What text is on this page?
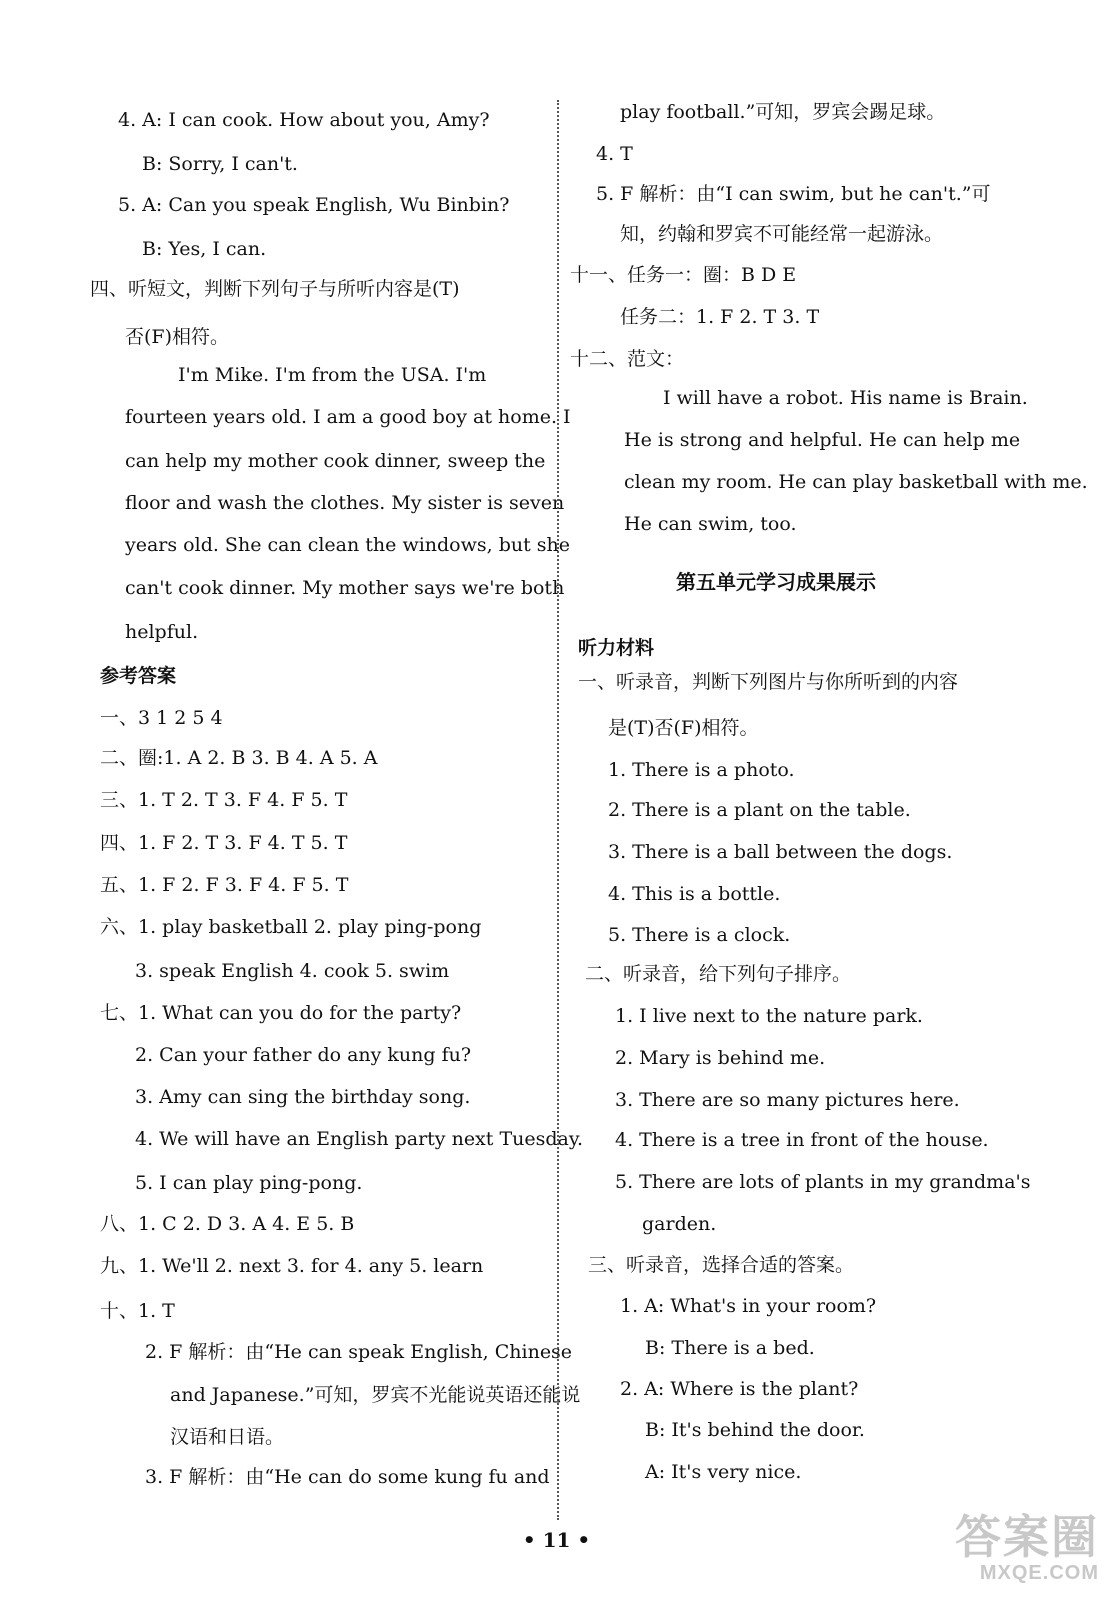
4. A: I can cook. How about you, Amy?
B: Sorry, I can't.
5. A: Can you speak English, Wu Binbin?
B: Yes, I can.
四、听短文，判断下列句子与所听内容是(T)
否(F)相符。
I'm Mike. I'm from the USA. I'm
fourteen years old. I am a good boy at home. I
can help my mother cook dinner, sweep the
floor and wash the clothes. My sister is seven
years old. She can clean the windows, but she
can't cook dinner. My mother says we're both
helpful.
参考答案
一、3 1 2 5 4
二、圈:1. A 2. B 3. B 4. A 5. A
三、1. T 2. T 3. F 4. F 5. T
四、1. F 2. T 3. F 4. T 5. T
五、1. F 2. F 3. F 4. F 5. T
六、1. play basketball 2. play ping-pong
3. speak English 4. cook 5. swim
七、1. What can you do for the party?
2. Can your father do any kung fu?
3. Amy can sing the birthday song.
4. We will have an English party next Tuesday.
5. I can play ping-pong.
八、1. C 2. D 3. A 4. E 5. B
九、1. We'll 2. next 3. for 4. any 5. learn
十、1. T
2. F 解析：由“He can speak English, Chinese
and Japanese.”可知，罗宾不光能说英语还能说
汉语和日语。
3. F 解析：由“He can do some kung fu and
play football.”可知，罗宾会踢足球。
4. T
5. F 解析：由“I can swim, but he can't.”可
知，约翰和罗宾不可能经常一起游泳。
十一、任务一：圈：B D E
任务二：1. F 2. T 3. T
十二、范文：
I will have a robot. His name is Brain.
He is strong and helpful. He can help me
clean my room. He can play basketball with me.
He can swim, too.
第五单元学习成果展示
听力材料
一、听录音，判断下列图片与你所听到的内容
是(T)否(F)相符。
1. There is a photo.
2. There is a plant on the table.
3. There is a ball between the dogs.
4. This is a bottle.
5. There is a clock.
二、听录音，给下列句子排序。
1. I live next to the nature park.
2. Mary is behind me.
3. There are so many pictures here.
4. There is a tree in front of the house.
5. There are lots of plants in my grandma's
garden.
三、听录音，选择合适的答案。
1. A: What's in your room?
B: There is a bed.
2. A: Where is the plant?
B: It's behind the door.
A: It's very nice.
• 11 •	答案圈
MXQE.COM
